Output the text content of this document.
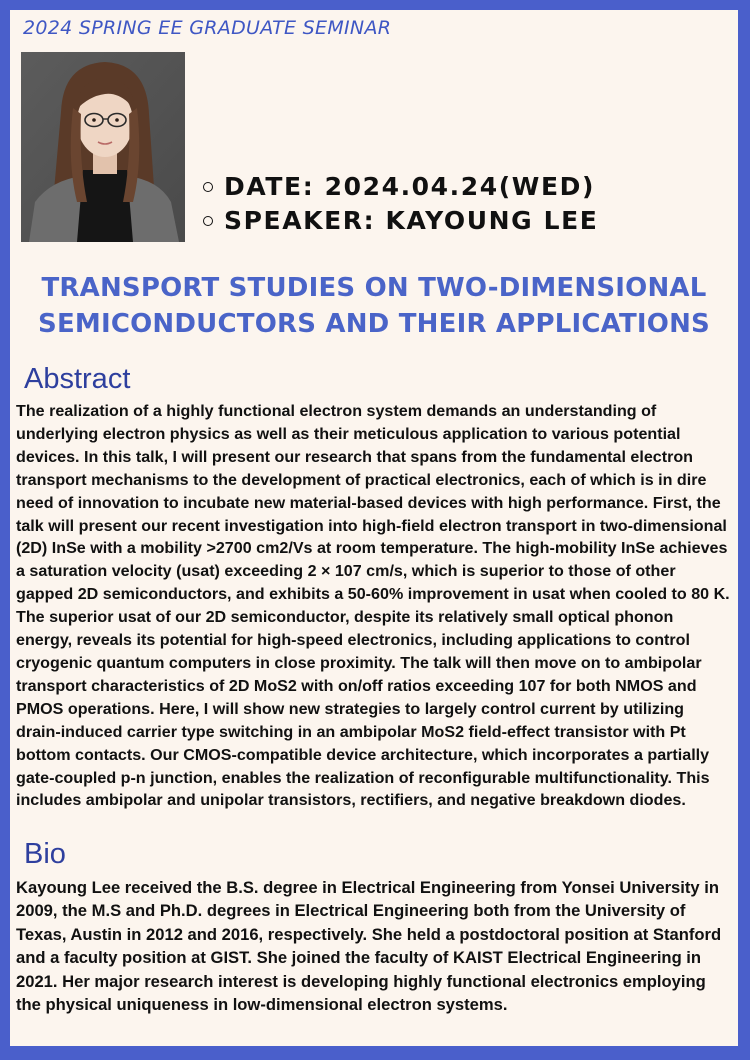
2024 SPRING EE GRADUATE SEMINAR
DATE: 2024.04.24(WED)
SPEAKER: KAYOUNG LEE
TRANSPORT STUDIES ON TWO-DIMENSIONAL SEMICONDUCTORS AND THEIR APPLICATIONS
Abstract

The realization of a highly functional electron system demands an understanding of underlying electron physics as well as their meticulous application to various potential devices. In this talk, I will present our research that spans from the fundamental electron transport mechanisms to the development of practical electronics, each of which is in dire need of innovation to incubate new material-based devices with high performance. First, the talk will present our recent investigation into high-field electron transport in two-dimensional (2D) InSe with a mobility >2700 cm2/Vs at room temperature. The high-mobility InSe achieves a saturation velocity (usat) exceeding 2 × 107 cm/s, which is superior to those of other gapped 2D semiconductors, and exhibits a 50-60% improvement in usat when cooled to 80 K. The superior usat of our 2D semiconductor, despite its relatively small optical phonon energy, reveals its potential for high-speed electronics, including applications to control cryogenic quantum computers in close proximity. The talk will then move on to ambipolar transport characteristics of 2D MoS2 with on/off ratios exceeding 107 for both NMOS and PMOS operations. Here, I will show new strategies to largely control current by utilizing drain-induced carrier type switching in an ambipolar MoS2 field-effect transistor with Pt bottom contacts. Our CMOS-compatible device architecture, which incorporates a partially gate-coupled p-n junction, enables the realization of reconfigurable multifunctionality. This includes ambipolar and unipolar transistors, rectifiers, and negative breakdown diodes.

Bio

Kayoung Lee received the B.S. degree in Electrical Engineering from Yonsei University in 2009, the M.S and Ph.D. degrees in Electrical Engineering both from the University of Texas, Austin in 2012 and 2016, respectively. She held a postdoctoral position at Stanford and a faculty position at GIST. She joined the faculty of KAIST Electrical Engineering in 2021. Her major research interest is developing highly functional electronics employing the physical uniqueness in low-dimensional electron systems.
